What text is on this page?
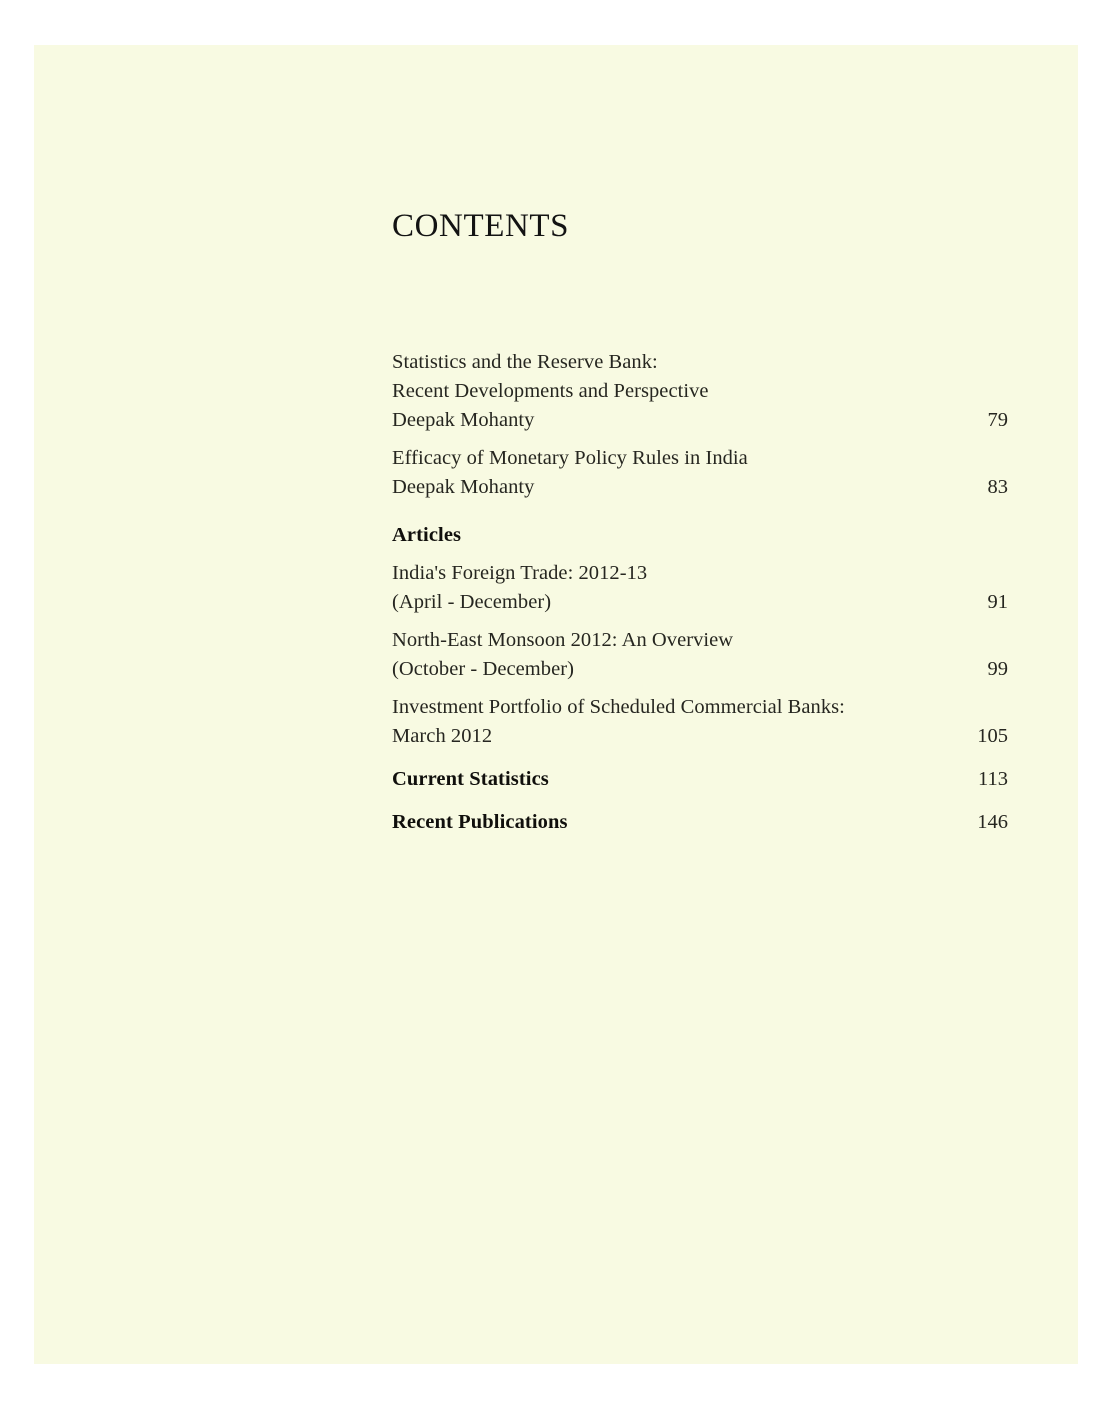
CONTENTS
Statistics and the Reserve Bank:
Recent Developments and Perspective
Deepak Mohanty	79
Efficacy of Monetary Policy Rules in India
Deepak Mohanty	83
Articles
India's Foreign Trade: 2012-13
(April - December)	91
North-East Monsoon 2012: An Overview
(October - December)	99
Investment Portfolio of Scheduled Commercial Banks:
March 2012	105
Current Statistics	113
Recent Publications	146
